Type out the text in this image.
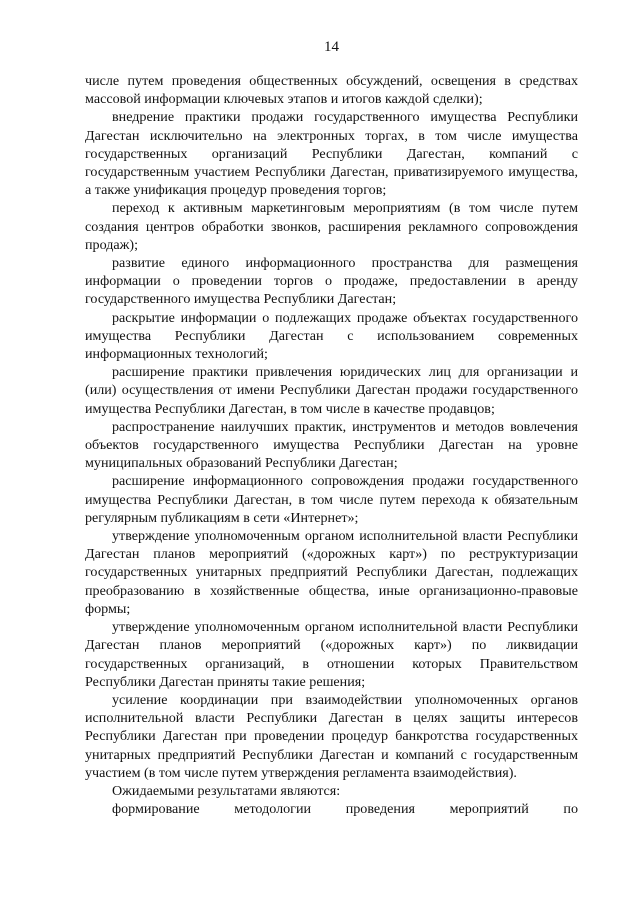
14

числе путем проведения общественных обсуждений, освещения в средствах массовой информации ключевых этапов и итогов каждой сделки);

внедрение практики продажи государственного имущества Республики Дагестан исключительно на электронных торгах, в том числе имущества государственных организаций Республики Дагестан, компаний с государственным участием Республики Дагестан, приватизируемого имущества, а также унификация процедур проведения торгов;

переход к активным маркетинговым мероприятиям (в том числе путем создания центров обработки звонков, расширения рекламного сопровождения продаж);

развитие единого информационного пространства для размещения информации о проведении торгов о продаже, предоставлении в аренду государственного имущества Республики Дагестан;

раскрытие информации о подлежащих продаже объектах государственного имущества Республики Дагестан с использованием современных информационных технологий;

расширение практики привлечения юридических лиц для организации и (или) осуществления от имени Республики Дагестан продажи государственного имущества Республики Дагестан, в том числе в качестве продавцов;

распространение наилучших практик, инструментов и методов вовлечения объектов государственного имущества Республики Дагестан на уровне муниципальных образований Республики Дагестан;

расширение информационного сопровождения продажи государственного имущества Республики Дагестан, в том числе путем перехода к обязательным регулярным публикациям в сети «Интернет»;

утверждение уполномоченным органом исполнительной власти Республики Дагестан планов мероприятий («дорожных карт») по реструктуризации государственных унитарных предприятий Республики Дагестан, подлежащих преобразованию в хозяйственные общества, иные организационно-правовые формы;

утверждение уполномоченным органом исполнительной власти Республики Дагестан планов мероприятий («дорожных карт») по ликвидации государственных организаций, в отношении которых Правительством Республики Дагестан приняты такие решения;

усиление координации при взаимодействии уполномоченных органов исполнительной власти Республики Дагестан в целях защиты интересов Республики Дагестан при проведении процедур банкротства государственных унитарных предприятий Республики Дагестан и компаний с государственным участием (в том числе путем утверждения регламента взаимодействия).

Ожидаемыми результатами являются:

формирование методологии проведения мероприятий по
